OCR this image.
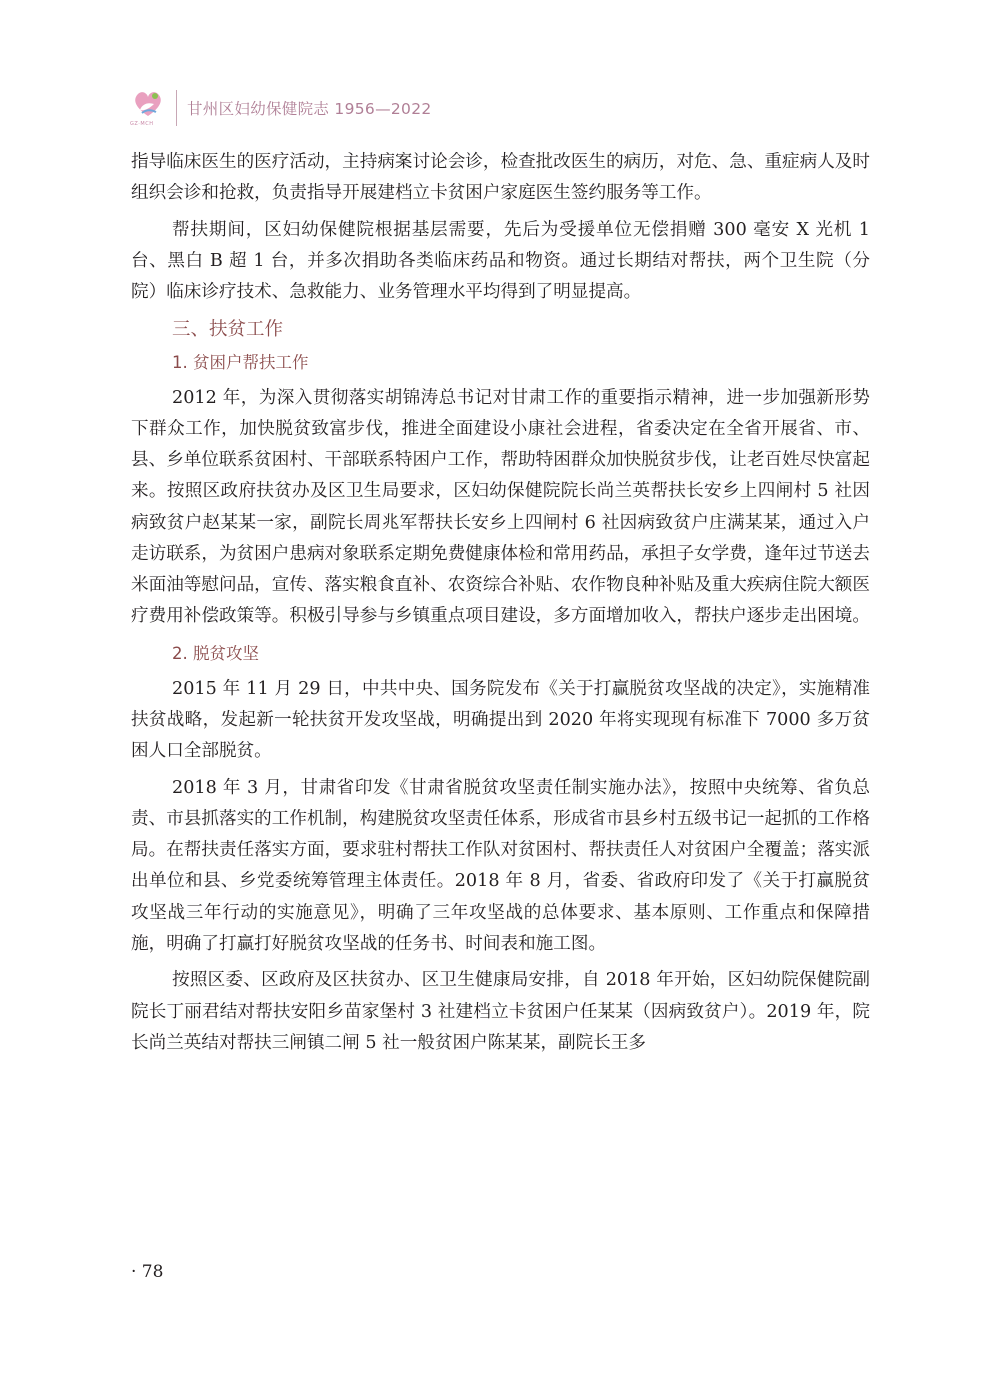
GZ·MCH
甘州区妇幼保健院志 1956—2022

指导临床医生的医疗活动，主持病案讨论会诊，检查批改医生的病历，对危、急、重症病人及时组织会诊和抢救，负责指导开展建档立卡贫困户家庭医生签约服务等工作。

帮扶期间，区妇幼保健院根据基层需要，先后为受援单位无偿捐赠 300 毫安 X 光机 1 台、黑白 B 超 1 台，并多次捐助各类临床药品和物资。通过长期结对帮扶，两个卫生院（分院）临床诊疗技术、急救能力、业务管理水平均得到了明显提高。

三、扶贫工作
1. 贫困户帮扶工作

2012 年，为深入贯彻落实胡锦涛总书记对甘肃工作的重要指示精神，进一步加强新形势下群众工作，加快脱贫致富步伐，推进全面建设小康社会进程，省委决定在全省开展省、市、县、乡单位联系贫困村、干部联系特困户工作，帮助特困群众加快脱贫步伐，让老百姓尽快富起来。按照区政府扶贫办及区卫生局要求，区妇幼保健院院长尚兰英帮扶长安乡上四闸村 5 社因病致贫户赵某某一家，副院长周兆军帮扶长安乡上四闸村 6 社因病致贫户庄满某某，通过入户走访联系，为贫困户患病对象联系定期免费健康体检和常用药品，承担子女学费，逢年过节送去米面油等慰问品，宣传、落实粮食直补、农资综合补贴、农作物良种补贴及重大疾病住院大额医疗费用补偿政策等。积极引导参与乡镇重点项目建设，多方面增加收入，帮扶户逐步走出困境。

2. 脱贫攻坚

2015 年 11 月 29 日，中共中央、国务院发布《关于打赢脱贫攻坚战的决定》，实施精准扶贫战略，发起新一轮扶贫开发攻坚战，明确提出到 2020 年将实现现有标准下 7000 多万贫困人口全部脱贫。

2018 年 3 月，甘肃省印发《甘肃省脱贫攻坚责任制实施办法》，按照中央统筹、省负总责、市县抓落实的工作机制，构建脱贫攻坚责任体系，形成省市县乡村五级书记一起抓的工作格局。在帮扶责任落实方面，要求驻村帮扶工作队对贫困村、帮扶责任人对贫困户全覆盖；落实派出单位和县、乡党委统筹管理主体责任。2018 年 8 月，省委、省政府印发了《关于打赢脱贫攻坚战三年行动的实施意见》，明确了三年攻坚战的总体要求、基本原则、工作重点和保障措施，明确了打赢打好脱贫攻坚战的任务书、时间表和施工图。

按照区委、区政府及区扶贫办、区卫生健康局安排，自 2018 年开始，区妇幼院保健院副院长丁丽君结对帮扶安阳乡苗家堡村 3 社建档立卡贫困户任某某（因病致贫户）。2019 年，院长尚兰英结对帮扶三闸镇二闸 5 社一般贫困户陈某某，副院长王多

· 78
